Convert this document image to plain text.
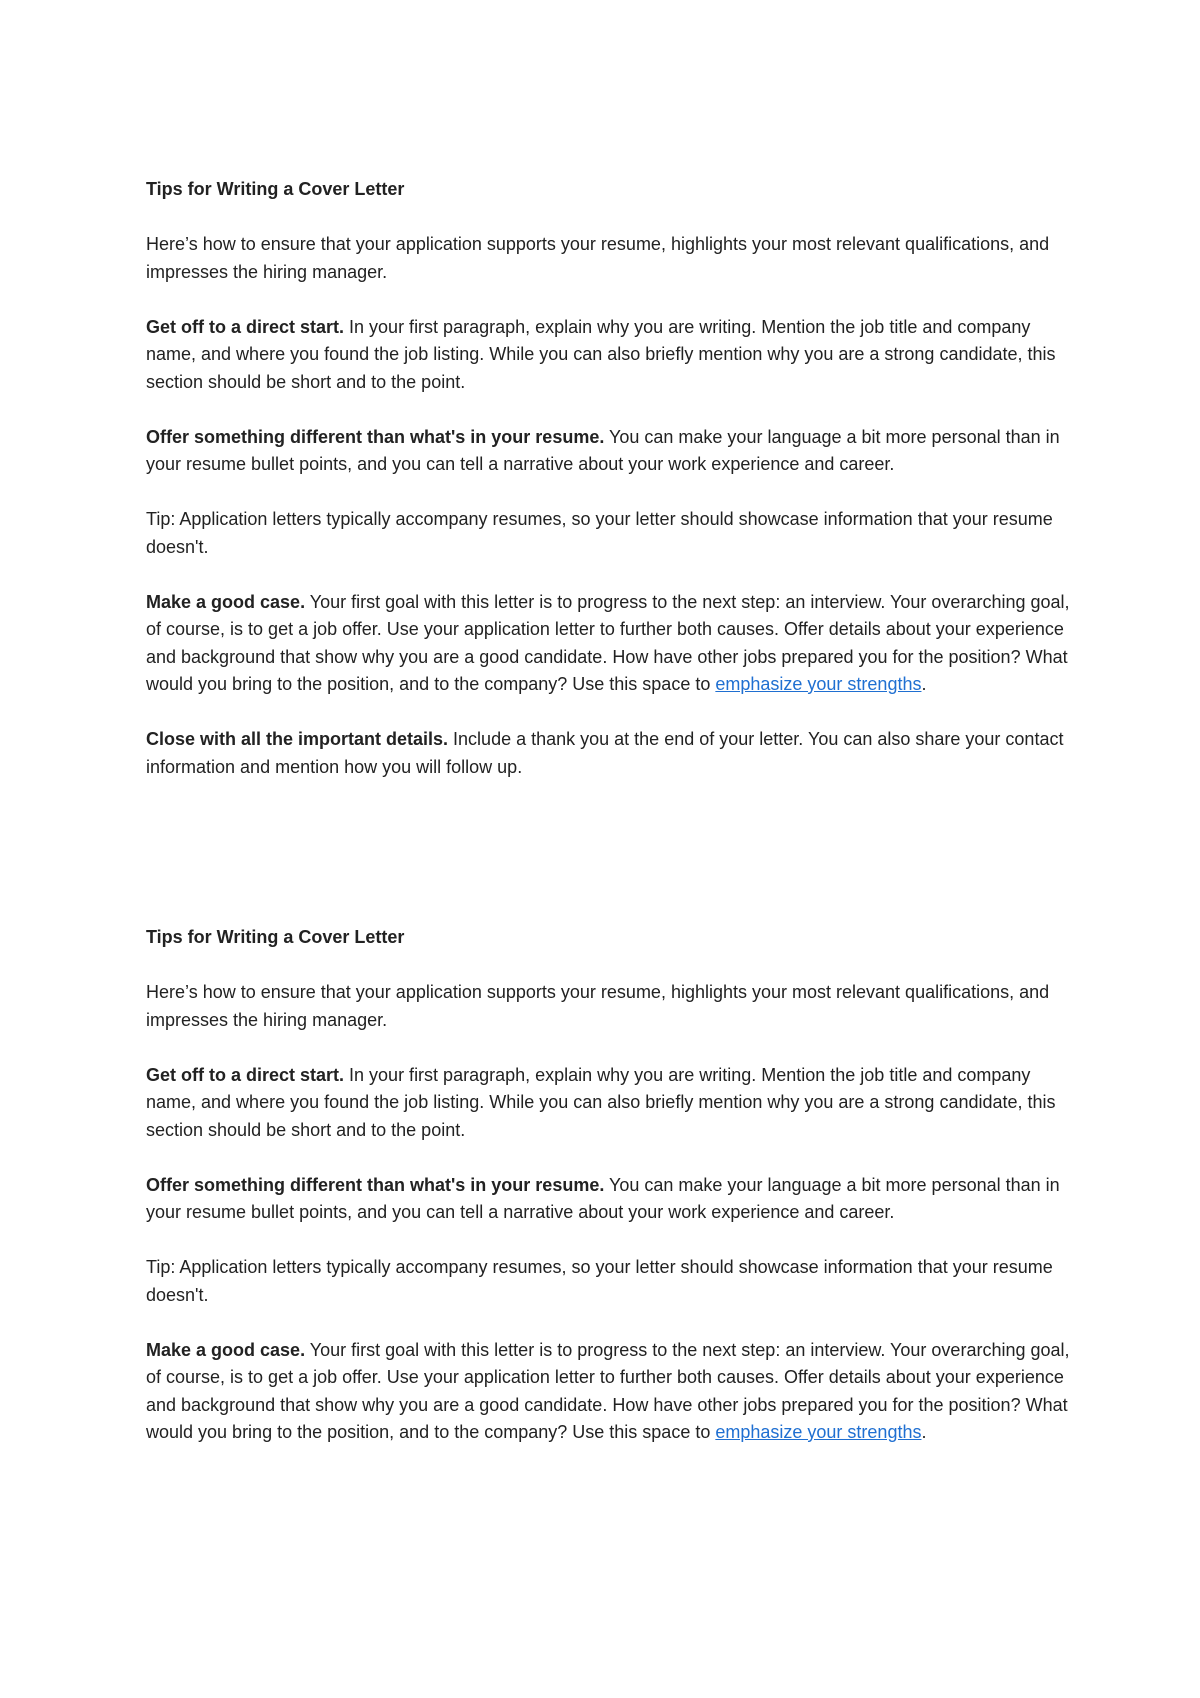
Tips for Writing a Cover Letter

Here’s how to ensure that your application supports your resume, highlights your most relevant qualifications, and impresses the hiring manager.

Get off to a direct start. In your first paragraph, explain why you are writing. Mention the job title and company name, and where you found the job listing. While you can also briefly mention why you are a strong candidate, this section should be short and to the point.

Offer something different than what's in your resume. You can make your language a bit more personal than in your resume bullet points, and you can tell a narrative about your work experience and career.

Tip: Application letters typically accompany resumes, so your letter should showcase information that your resume doesn't.

Make a good case. Your first goal with this letter is to progress to the next step: an interview. Your overarching goal, of course, is to get a job offer. Use your application letter to further both causes. Offer details about your experience and background that show why you are a good candidate. How have other jobs prepared you for the position? What would you bring to the position, and to the company? Use this space to emphasize your strengths.

Close with all the important details. Include a thank you at the end of your letter. You can also share your contact information and mention how you will follow up.

Tips for Writing a Cover Letter

Here’s how to ensure that your application supports your resume, highlights your most relevant qualifications, and impresses the hiring manager.

Get off to a direct start. In your first paragraph, explain why you are writing. Mention the job title and company name, and where you found the job listing. While you can also briefly mention why you are a strong candidate, this section should be short and to the point.

Offer something different than what's in your resume. You can make your language a bit more personal than in your resume bullet points, and you can tell a narrative about your work experience and career.

Tip: Application letters typically accompany resumes, so your letter should showcase information that your resume doesn't.

Make a good case. Your first goal with this letter is to progress to the next step: an interview. Your overarching goal, of course, is to get a job offer. Use your application letter to further both causes. Offer details about your experience and background that show why you are a good candidate. How have other jobs prepared you for the position? What would you bring to the position, and to the company? Use this space to emphasize your strengths.
